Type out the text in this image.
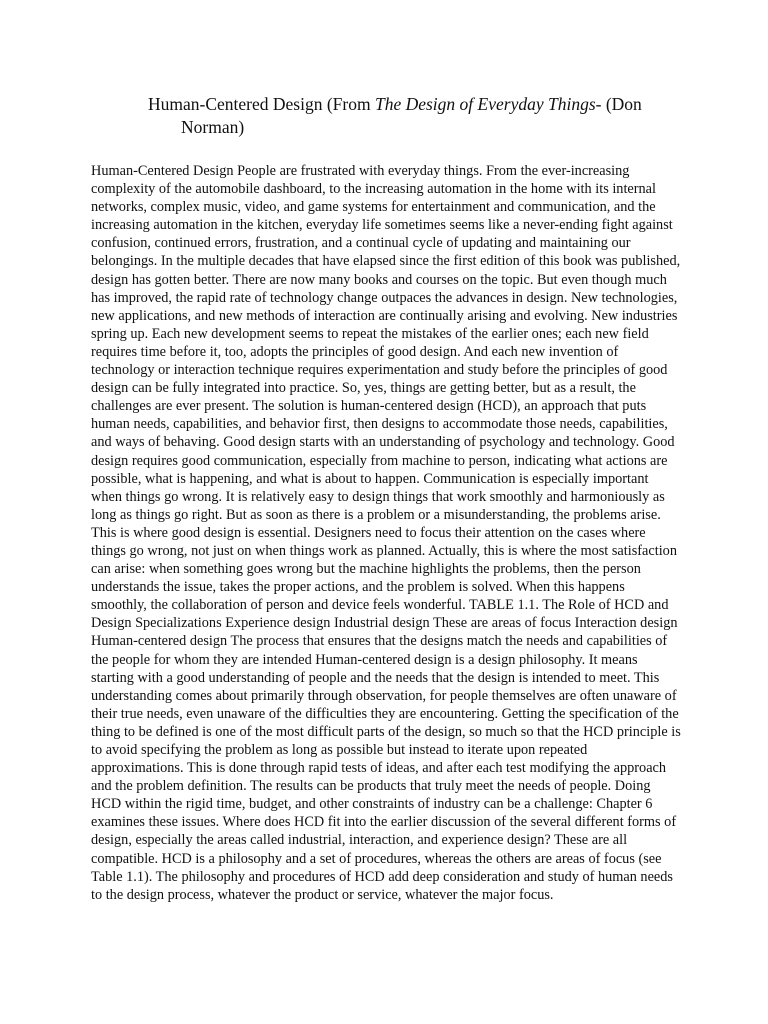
Human-Centered Design (From The Design of Everyday Things- (Don
Norman)

Human-Centered Design People are frustrated with everyday things. From the ever-increasing complexity of the automobile dashboard, to the increasing automation in the home with its internal networks, complex music, video, and game systems for entertainment and communication, and the increasing automation in the kitchen, everyday life sometimes seems like a never-ending fight against confusion, continued errors, frustration, and a continual cycle of updating and maintaining our belongings. In the multiple decades that have elapsed since the first edition of this book was published, design has gotten better. There are now many books and courses on the topic. But even though much has improved, the rapid rate of technology change outpaces the advances in design. New technologies, new applications, and new methods of interaction are continually arising and evolving. New industries spring up. Each new development seems to repeat the mistakes of the earlier ones; each new field requires time before it, too, adopts the principles of good design. And each new invention of technology or interaction technique requires experimentation and study before the principles of good design can be fully integrated into practice. So, yes, things are getting better, but as a result, the challenges are ever present. The solution is human-centered design (HCD), an approach that puts human needs, capabilities, and behavior first, then designs to accommodate those needs, capabilities, and ways of behaving. Good design starts with an understanding of psychology and technology. Good design requires good communication, especially from machine to person, indicating what actions are possible, what is happening, and what is about to happen. Communication is especially important when things go wrong. It is relatively easy to design things that work smoothly and harmoniously as long as things go right. But as soon as there is a problem or a misunderstanding, the problems arise. This is where good design is essential. Designers need to focus their attention on the cases where things go wrong, not just on when things work as planned. Actually, this is where the most satisfaction can arise: when something goes wrong but the machine highlights the problems, then the person understands the issue, takes the proper actions, and the problem is solved. When this happens smoothly, the collaboration of person and device feels wonderful. TABLE 1.1. The Role of HCD and Design Specializations Experience design Industrial design These are areas of focus Interaction design Human-centered design The process that ensures that the designs match the needs and capabilities of the people for whom they are intended Human-centered design is a design philosophy. It means starting with a good understanding of people and the needs that the design is intended to meet. This understanding comes about primarily through observation, for people themselves are often unaware of their true needs, even unaware of the difficulties they are encountering. Getting the specification of the thing to be defined is one of the most difficult parts of the design, so much so that the HCD principle is to avoid specifying the problem as long as possible but instead to iterate upon repeated approximations. This is done through rapid tests of ideas, and after each test modifying the approach and the problem definition. The results can be products that truly meet the needs of people. Doing HCD within the rigid time, budget, and other constraints of industry can be a challenge: Chapter 6 examines these issues. Where does HCD fit into the earlier discussion of the several different forms of design, especially the areas called industrial, interaction, and experience design? These are all compatible. HCD is a philosophy and a set of procedures, whereas the others are areas of focus (see Table 1.1). The philosophy and procedures of HCD add deep consideration and study of human needs to the design process, whatever the product or service, whatever the major focus.
